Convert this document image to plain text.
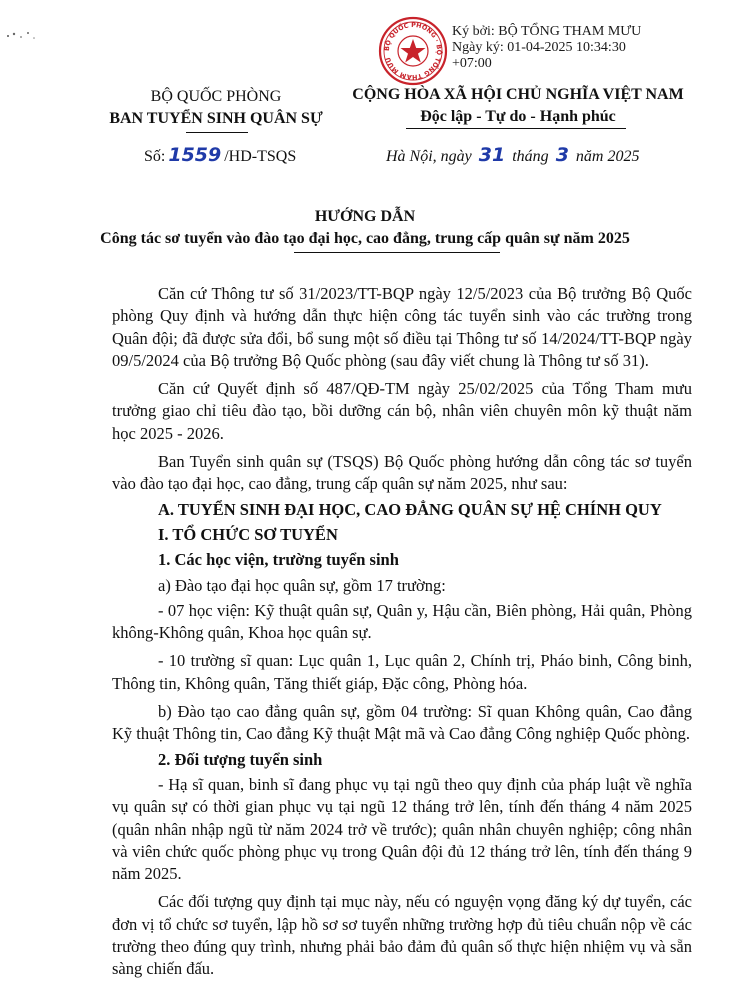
BỘ QUỐC PHÒNG · BỘ TỔNG THAM MƯU
Ký bởi: BỘ TỔNG THAM MƯU
Ngày ký: 01-04-2025 10:34:30
+07:00
BỘ QUỐC PHÒNG
BAN TUYỂN SINH QUÂN SỰ
CỘNG HÒA XÃ HỘI CHỦ NGHĨA VIỆT NAM
Độc lập - Tự do - Hạnh phúc
Số: 1559 /HD-TSQS	Hà Nội, ngày 31 tháng 3 năm 2025
HƯỚNG DẪN
Công tác sơ tuyển vào đào tạo đại học, cao đẳng, trung cấp quân sự năm 2025

Căn cứ Thông tư số 31/2023/TT-BQP ngày 12/5/2023 của Bộ trưởng Bộ Quốc phòng Quy định và hướng dẫn thực hiện công tác tuyển sinh vào các trường trong Quân đội; đã được sửa đổi, bổ sung một số điều tại Thông tư số 14/2024/TT-BQP ngày 09/5/2024 của Bộ trưởng Bộ Quốc phòng (sau đây viết chung là Thông tư số 31).

Căn cứ Quyết định số 487/QĐ-TM ngày 25/02/2025 của Tổng Tham mưu trưởng giao chỉ tiêu đào tạo, bồi dưỡng cán bộ, nhân viên chuyên môn kỹ thuật năm học 2025 - 2026.

Ban Tuyển sinh quân sự (TSQS) Bộ Quốc phòng hướng dẫn công tác sơ tuyển vào đào tạo đại học, cao đẳng, trung cấp quân sự năm 2025, như sau:

A. TUYỂN SINH ĐẠI HỌC, CAO ĐẲNG QUÂN SỰ HỆ CHÍNH QUY

I. TỔ CHỨC SƠ TUYỂN

1. Các học viện, trường tuyển sinh

a) Đào tạo đại học quân sự, gồm 17 trường:

- 07 học viện: Kỹ thuật quân sự, Quân y, Hậu cần, Biên phòng, Hải quân, Phòng không-Không quân, Khoa học quân sự.

- 10 trường sĩ quan: Lục quân 1, Lục quân 2, Chính trị, Pháo binh, Công binh, Thông tin, Không quân, Tăng thiết giáp, Đặc công, Phòng hóa.

b) Đào tạo cao đẳng quân sự, gồm 04 trường: Sĩ quan Không quân, Cao đẳng Kỹ thuật Thông tin, Cao đẳng Kỹ thuật Mật mã và Cao đẳng Công nghiệp Quốc phòng.

2. Đối tượng tuyển sinh

- Hạ sĩ quan, binh sĩ đang phục vụ tại ngũ theo quy định của pháp luật về nghĩa vụ quân sự có thời gian phục vụ tại ngũ 12 tháng trở lên, tính đến tháng 4 năm 2025 (quân nhân nhập ngũ từ năm 2024 trở về trước); quân nhân chuyên nghiệp; công nhân và viên chức quốc phòng phục vụ trong Quân đội đủ 12 tháng trở lên, tính đến tháng 9 năm 2025.

Các đối tượng quy định tại mục này, nếu có nguyện vọng đăng ký dự tuyển, các đơn vị tổ chức sơ tuyển, lập hồ sơ sơ tuyển những trường hợp đủ tiêu chuẩn nộp về các trường theo đúng quy trình, nhưng phải bảo đảm đủ quân số thực hiện nhiệm vụ và sẵn sàng chiến đấu.
